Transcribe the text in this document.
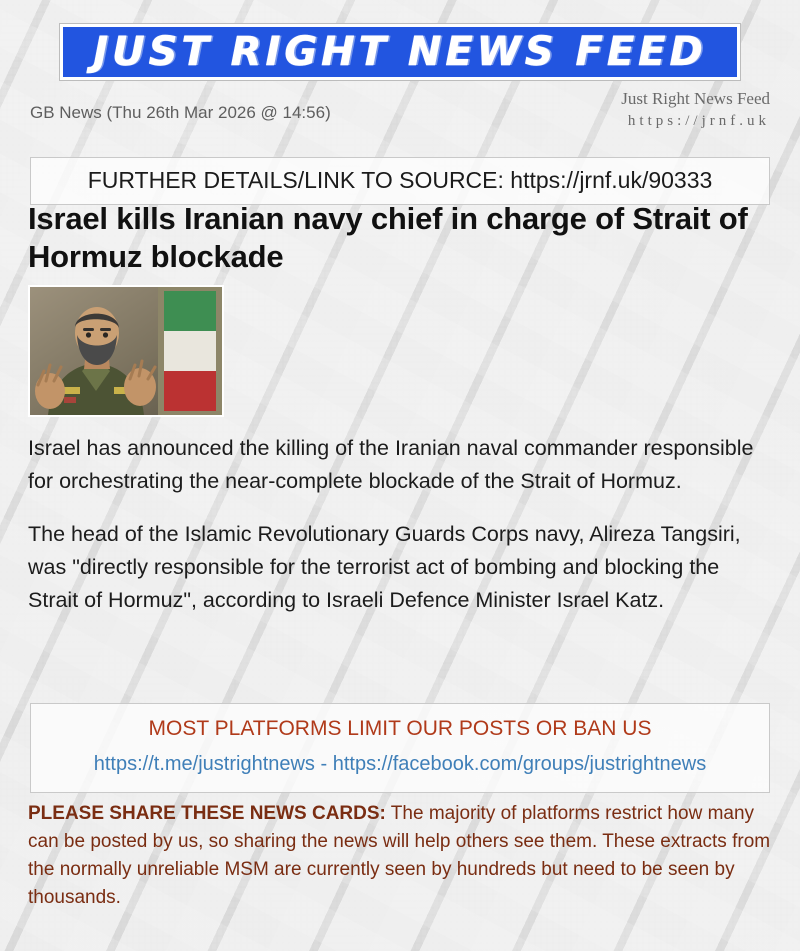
JUST RIGHT NEWS FEED
GB News (Thu 26th Mar 2026 @ 14:56)
Just Right News Feed
https://jrnf.uk
FURTHER DETAILS/LINK TO SOURCE: https://jrnf.uk/90333
Israel kills Iranian navy chief in charge of Strait of Hormuz blockade

Israel has announced the killing of the Iranian naval commander responsible for orchestrating the near-complete blockade of the Strait of Hormuz.

The head of the Islamic Revolutionary Guards Corps navy, Alireza Tangsiri, was "directly responsible for the terrorist act of bombing and blocking the Strait of Hormuz", according to Israeli Defence Minister Israel Katz.

MOST PLATFORMS LIMIT OUR POSTS OR BAN US
https://t.me/justrightnews - https://facebook.com/groups/justrightnews
PLEASE SHARE THESE NEWS CARDS: The majority of platforms restrict how many can be posted by us, so sharing the news will help others see them. These extracts from the normally unreliable MSM are currently seen by hundreds but need to be seen by thousands.
